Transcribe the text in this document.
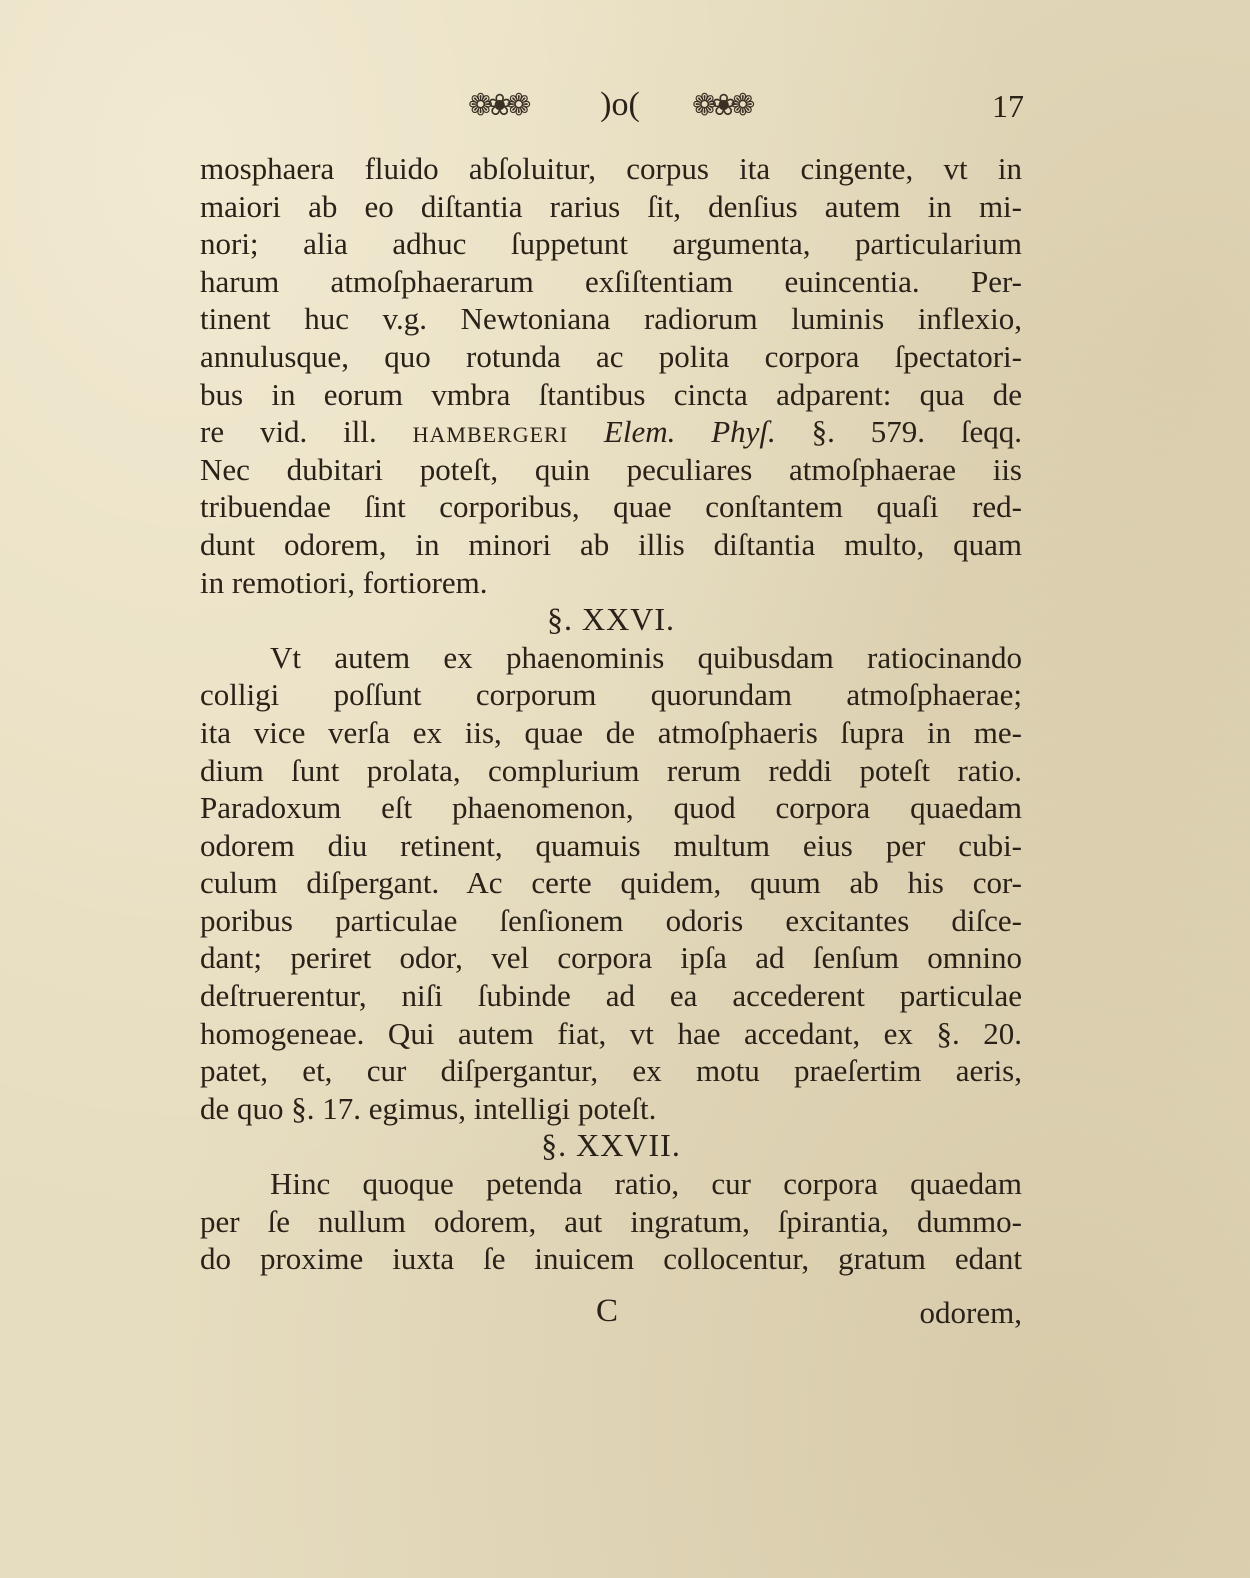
❁❀❁	)o(	❁❀❁	17
mosphaera fluido abſoluitur, corpus ita cingente, vt in
maiori ab eo diſtantia rarius ſit, denſius autem in mi-
nori; alia adhuc ſuppetunt argumenta, particularium
harum atmoſphaerarum exſiſtentiam euincentia. Per-
tinent huc v.g. Newtoniana radiorum luminis inflexio,
annulusque, quo rotunda ac polita corpora ſpectatori-
bus in eorum vmbra ſtantibus cincta adparent: qua de
re vid. ill. hambergeri Elem. Phyſ. §. 579. ſeqq.
Nec dubitari poteſt, quin peculiares atmoſphaerae iis
tribuendae ſint corporibus, quae conſtantem quaſi red-
dunt odorem, in minori ab illis diſtantia multo, quam
in remotiori, fortiorem.
§. XXVI.
Vt autem ex phaenominis quibusdam ratiocinando
colligi poſſunt corporum quorundam atmoſphaerae;
ita vice verſa ex iis, quae de atmoſphaeris ſupra in me-
dium ſunt prolata, complurium rerum reddi poteſt ratio.
Paradoxum eſt phaenomenon, quod corpora quaedam
odorem diu retinent, quamuis multum eius per cubi-
culum diſpergant. Ac certe quidem, quum ab his cor-
poribus particulae ſenſionem odoris excitantes diſce-
dant; periret odor, vel corpora ipſa ad ſenſum omnino
deſtruerentur, niſi ſubinde ad ea accederent particulae
homogeneae. Qui autem fiat, vt hae accedant, ex §. 20.
patet, et, cur diſpergantur, ex motu praeſertim aeris,
de quo §. 17. egimus, intelligi poteſt.
§. XXVII.
Hinc quoque petenda ratio, cur corpora quaedam
per ſe nullum odorem, aut ingratum, ſpirantia, dummo-
do proxime iuxta ſe inuicem collocentur, gratum edant
C	odorem,
